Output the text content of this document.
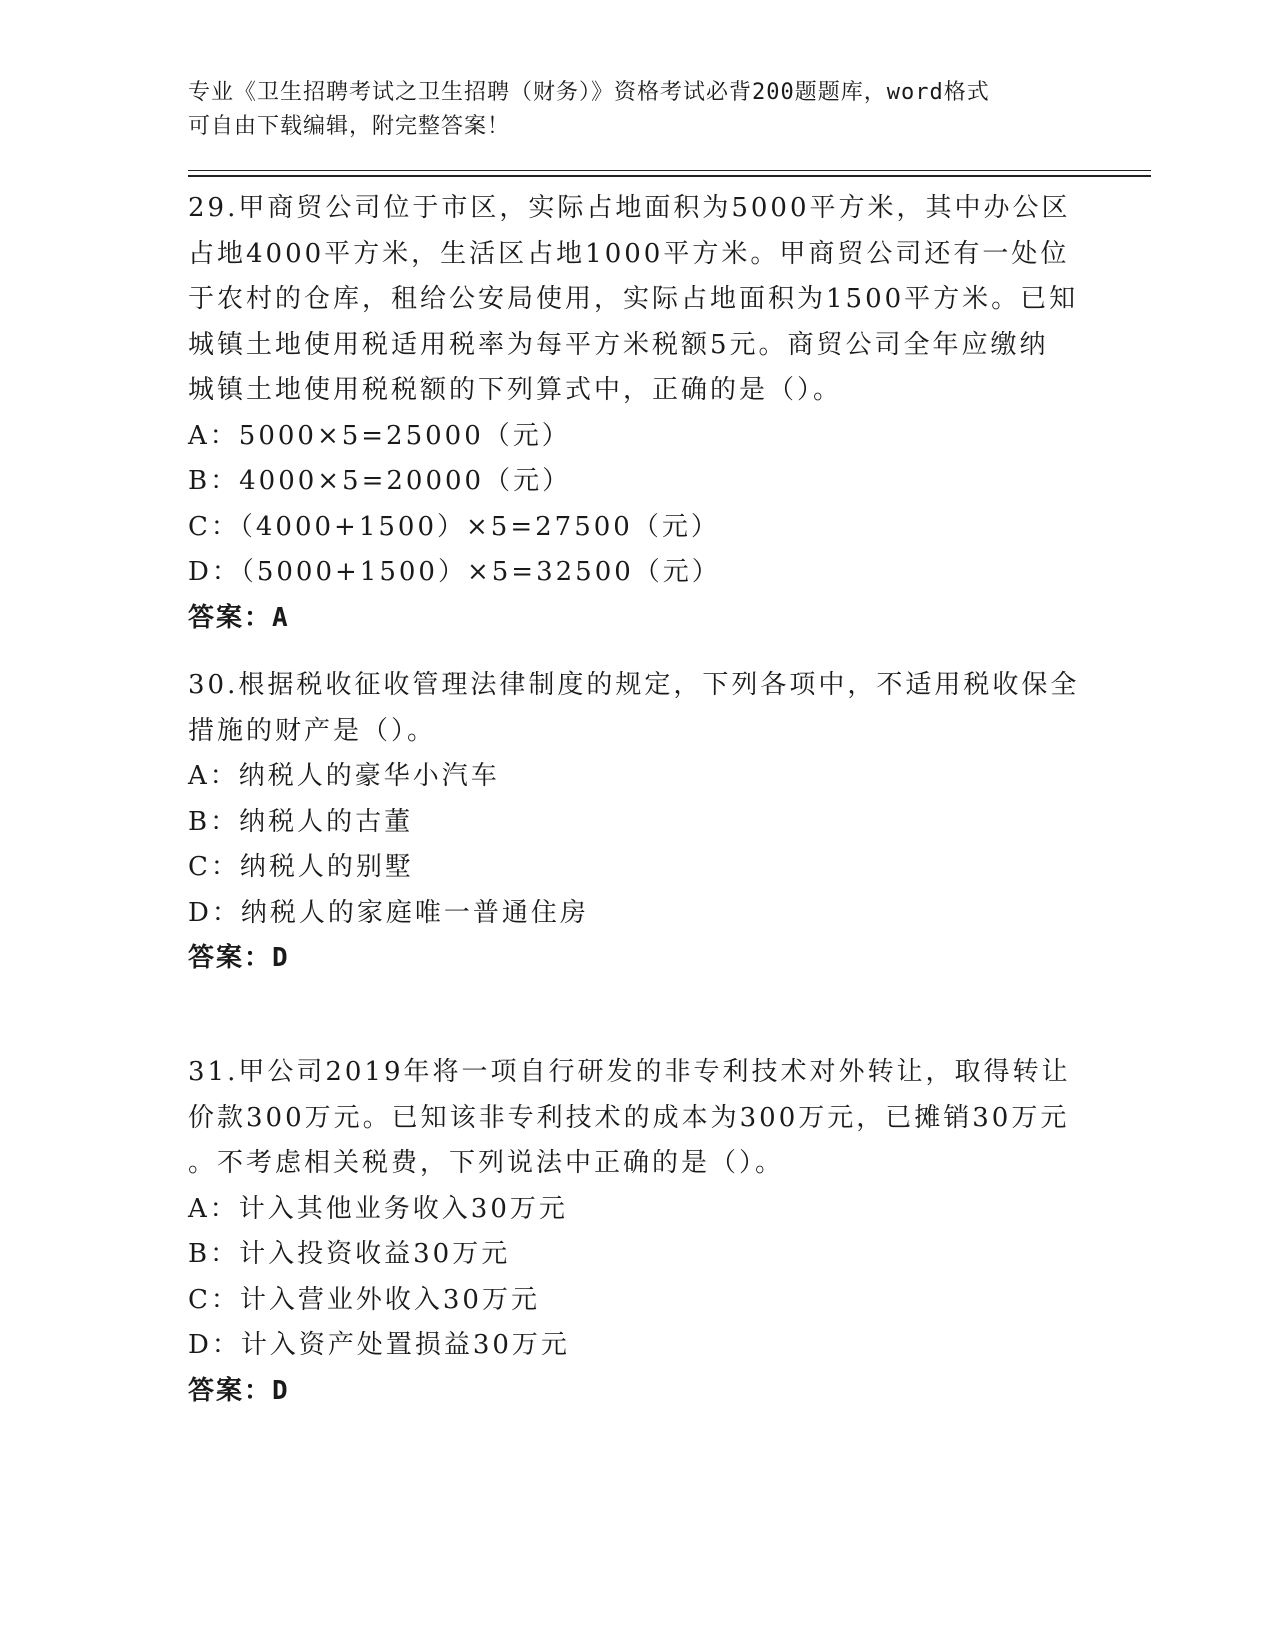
专业《卫生招聘考试之卫生招聘（财务）》资格考试必背200题题库，word格式

可自由下载编辑，附完整答案！

29.甲商贸公司位于市区，实际占地面积为5000平方米，其中办公区

占地4000平方米，生活区占地1000平方米。甲商贸公司还有一处位

于农村的仓库，租给公安局使用，实际占地面积为1500平方米。已知

城镇土地使用税适用税率为每平方米税额5元。商贸公司全年应缴纳

城镇土地使用税税额的下列算式中，正确的是（）。

A：5000×5=25000（元）

B：4000×5=20000（元）

C：（4000+1500）×5=27500（元）

D：（5000+1500）×5=32500（元）

答案：A

30.根据税收征收管理法律制度的规定，下列各项中，不适用税收保全

措施的财产是（）。

A：纳税人的豪华小汽车

B：纳税人的古董

C：纳税人的别墅

D：纳税人的家庭唯一普通住房

答案：D

31.甲公司2019年将一项自行研发的非专利技术对外转让，取得转让

价款300万元。已知该非专利技术的成本为300万元，已摊销30万元

。不考虑相关税费，下列说法中正确的是（）。

A：计入其他业务收入30万元

B：计入投资收益30万元

C：计入营业外收入30万元

D：计入资产处置损益30万元

答案：D
